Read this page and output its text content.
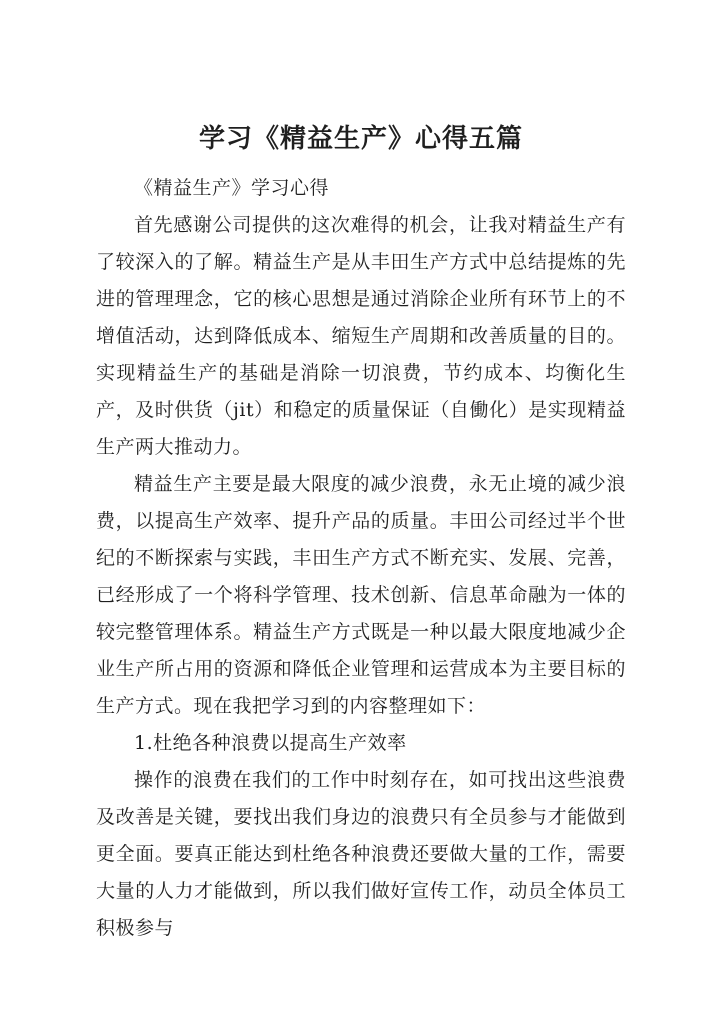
学习《精益生产》心得五篇

《精益生产》学习心得

首先感谢公司提供的这次难得的机会，让我对精益生产有了较深入的了解。精益生产是从丰田生产方式中总结提炼的先进的管理理念，它的核心思想是通过消除企业所有环节上的不增值活动，达到降低成本、缩短生产周期和改善质量的目的。实现精益生产的基础是消除一切浪费，节约成本、均衡化生产，及时供货（jit）和稳定的质量保证（自働化）是实现精益生产两大推动力。

精益生产主要是最大限度的减少浪费，永无止境的减少浪费，以提高生产效率、提升产品的质量。丰田公司经过半个世纪的不断探索与实践，丰田生产方式不断充实、发展、完善，已经形成了一个将科学管理、技术创新、信息革命融为一体的较完整管理体系。精益生产方式既是一种以最大限度地减少企业生产所占用的资源和降低企业管理和运营成本为主要目标的生产方式。现在我把学习到的内容整理如下：

1.杜绝各种浪费以提高生产效率

操作的浪费在我们的工作中时刻存在，如可找出这些浪费及改善是关键，要找出我们身边的浪费只有全员参与才能做到更全面。要真正能达到杜绝各种浪费还要做大量的工作，需要大量的人力才能做到，所以我们做好宣传工作，动员全体员工积极参与
